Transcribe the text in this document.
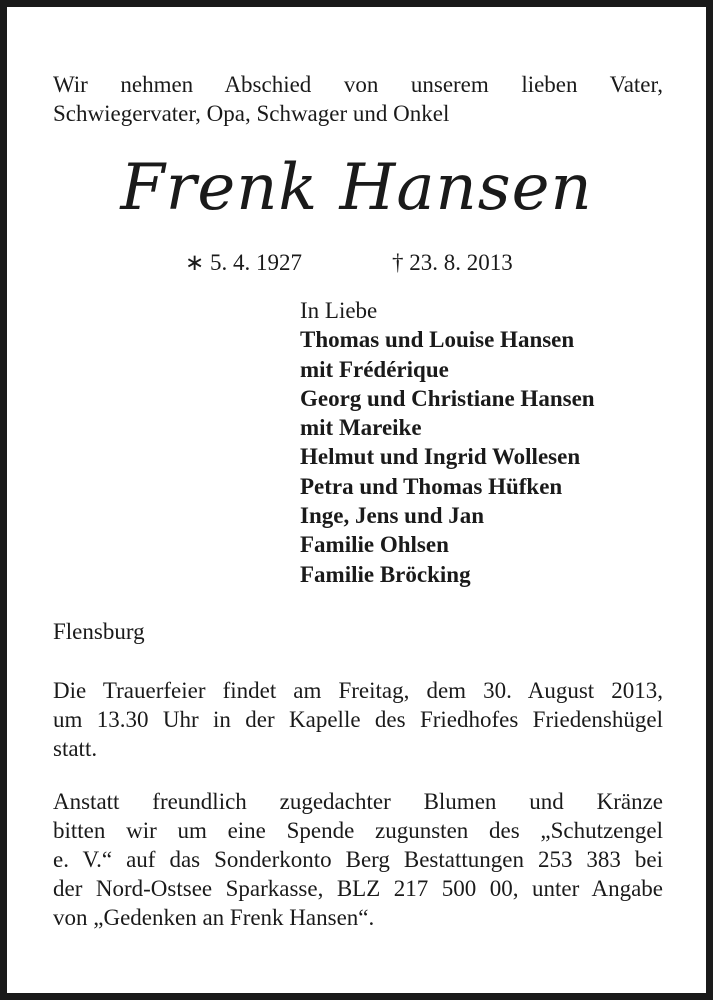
Wir nehmen Abschied von unserem lieben Vater,
Schwiegervater, Opa, Schwager und Onkel
Frenk Hansen
∗ 5. 4. 1927	† 23. 8. 2013
In Liebe
Thomas und Louise Hansen
mit Frédérique
Georg und Christiane Hansen
mit Mareike
Helmut und Ingrid Wollesen
Petra und Thomas Hüfken
Inge, Jens und Jan
Familie Ohlsen
Familie Bröcking
Flensburg
Die Trauerfeier findet am Freitag, dem 30. August 2013,
um 13.30 Uhr in der Kapelle des Friedhofes Friedenshügel
statt.
Anstatt freundlich zugedachter Blumen und Kränze
bitten wir um eine Spende zugunsten des „Schutzengel
e. V.“ auf das Sonderkonto Berg Bestattungen 253 383 bei
der Nord-Ostsee Sparkasse, BLZ 217 500 00, unter Angabe
von „Gedenken an Frenk Hansen“.
